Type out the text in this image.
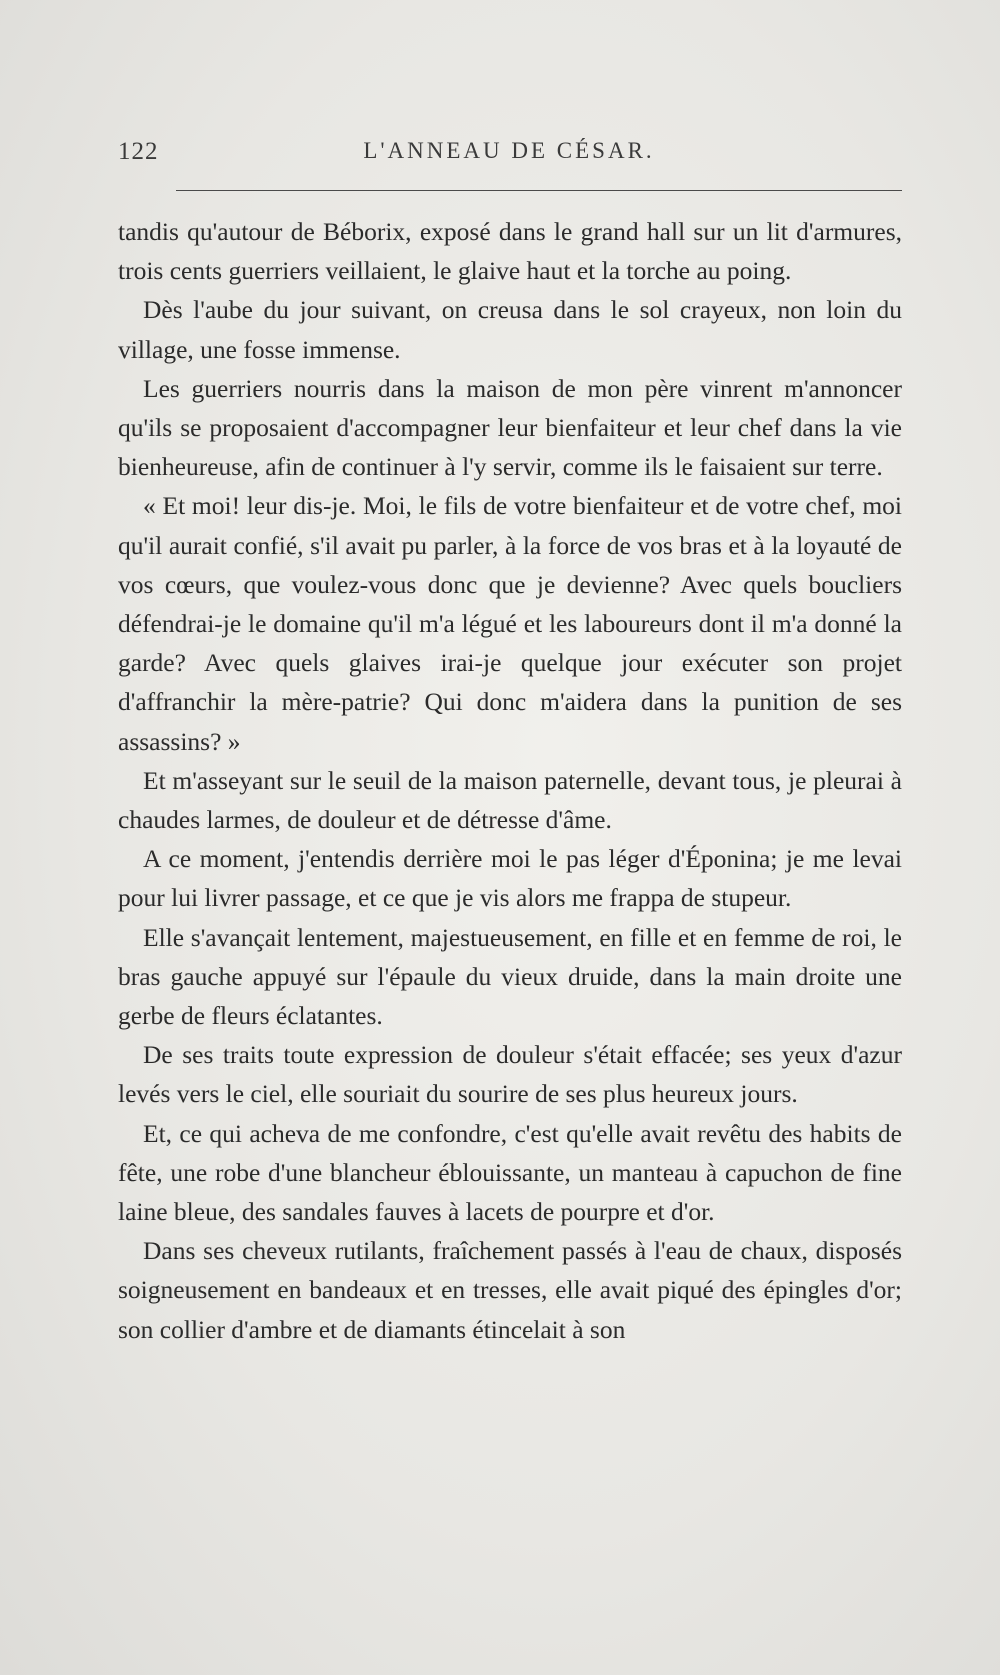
122	L'ANNEAU DE CÉSAR.

tandis qu'autour de Béborix, exposé dans le grand hall sur un lit d'armures, trois cents guerriers veillaient, le glaive haut et la torche au poing.

Dès l'aube du jour suivant, on creusa dans le sol crayeux, non loin du village, une fosse immense.

Les guerriers nourris dans la maison de mon père vinrent m'annoncer qu'ils se proposaient d'accompagner leur bienfaiteur et leur chef dans la vie bienheureuse, afin de continuer à l'y servir, comme ils le faisaient sur terre.

« Et moi! leur dis-je. Moi, le fils de votre bienfaiteur et de votre chef, moi qu'il aurait confié, s'il avait pu parler, à la force de vos bras et à la loyauté de vos cœurs, que voulez-vous donc que je devienne? Avec quels boucliers défendrai-je le domaine qu'il m'a légué et les laboureurs dont il m'a donné la garde? Avec quels glaives irai-je quelque jour exécuter son projet d'affranchir la mère-patrie? Qui donc m'aidera dans la punition de ses assassins? »

Et m'asseyant sur le seuil de la maison paternelle, devant tous, je pleurai à chaudes larmes, de douleur et de détresse d'âme.

A ce moment, j'entendis derrière moi le pas léger d'Éponina; je me levai pour lui livrer passage, et ce que je vis alors me frappa de stupeur.

Elle s'avançait lentement, majestueusement, en fille et en femme de roi, le bras gauche appuyé sur l'épaule du vieux druide, dans la main droite une gerbe de fleurs éclatantes.

De ses traits toute expression de douleur s'était effacée; ses yeux d'azur levés vers le ciel, elle souriait du sourire de ses plus heureux jours.

Et, ce qui acheva de me confondre, c'est qu'elle avait revêtu des habits de fête, une robe d'une blancheur éblouissante, un manteau à capuchon de fine laine bleue, des sandales fauves à lacets de pourpre et d'or.

Dans ses cheveux rutilants, fraîchement passés à l'eau de chaux, disposés soigneusement en bandeaux et en tresses, elle avait piqué des épingles d'or; son collier d'ambre et de diamants étincelait à son
